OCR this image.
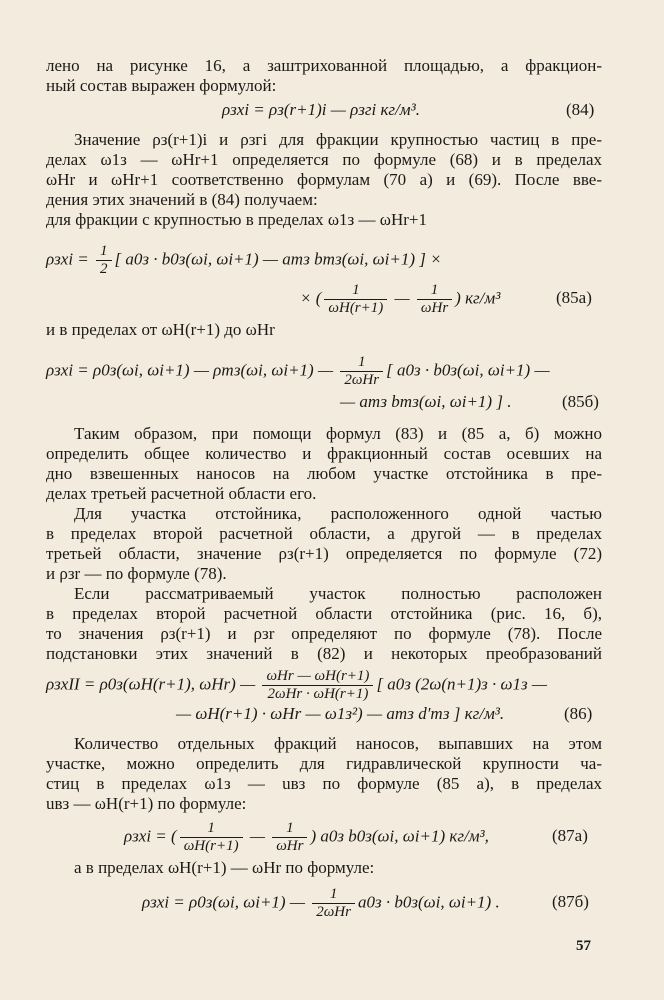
лено на рисунке 16, а заштрихованной площадью, а фракцион-
ный состав выражен формулой:
ρзхi = ρз(r+1)i — ρзгi кг/м³.	(84)
Значение ρз(r+1)i и ρзгi для фракции крупностью частиц в пре-
делах ω1з — ωHr+1 определяется по формуле (68) и в пределах
ωHr и ωHr+1 соответственно формулам (70 а) и (69). После вве-
дения этих значений в (84) получаем:
для фракции с крупностью в пределах ω1з — ωHr+1
$\rho зхi = \frac{1}{2}$ [ a0з · b0з(ωi, ωi+1) — aтз bтз(ωi, ωi+1) ] ×
× ( $\frac{1}{\omega H(r+1)}$ — $\frac{1}{\text{ωHr}}$ ) кг/м³	(85а)
и в пределах от ωH(r+1) до ωHr
ρзхi = ρ0з(ωi, ωi+1) — ρтз(ωi, ωi+1) — $\frac{1}{\text{2ωHr}}$ [ a0з · b0з(ωi, ωi+1) —
— aтз bтз(ωi, ωi+1) ] .	(85б)
Таким образом, при помощи формул (83) и (85 а, б) можно
определить общее количество и фракционный состав осевших на
дно взвешенных наносов на любом участке отстойника в пре-
делах третьей расчетной области его.
Для участка отстойника, расположенного одной частью
в пределах второй расчетной области, а другой — в пределах
третьей области, значение ρз(r+1) определяется по формуле (72)
и ρзr — по формуле (78).
Если рассматриваемый участок полностью расположен
в пределах второй расчетной области отстойника (рис. 16, б),
то значения ρз(r+1) и ρзr определяют по формуле (78). После
подстановки этих значений в (82) и некоторых преобразований
ρзхII = ρ0з(ωH(r+1), ωHr) — $\frac{\text{ωHr — ωH(r+1)}}{\text{2ωHr · ωH(r+1)}}$ [ a0з (2ω(n+1)з · ω1з —
— ωH(r+1) · ωHr — ω1з²) — aтз d′тз ] кг/м³.	(86)
Количество отдельных фракций наносов, выпавших на этом
участке, можно определить для гидравлической крупности ча-
стиц в пределах ω1з — uвз по формуле (85 а), в пределах
uвз — ωH(r+1) по формуле:
ρзхi = ( $\frac{1}{\omega H(r+1)}$ — $\frac{1}{\text{ωHr}}$ ) a0з b0з(ωi, ωi+1) кг/м³,	(87а)
а в пределах ωH(r+1) — ωHr по формуле:
ρзхi = ρ0з(ωi, ωi+1) — $\frac{1}{\text{2ωHr}} a0з \cdot b0з(\omega i$, ωi+1) .	(87б)
57
